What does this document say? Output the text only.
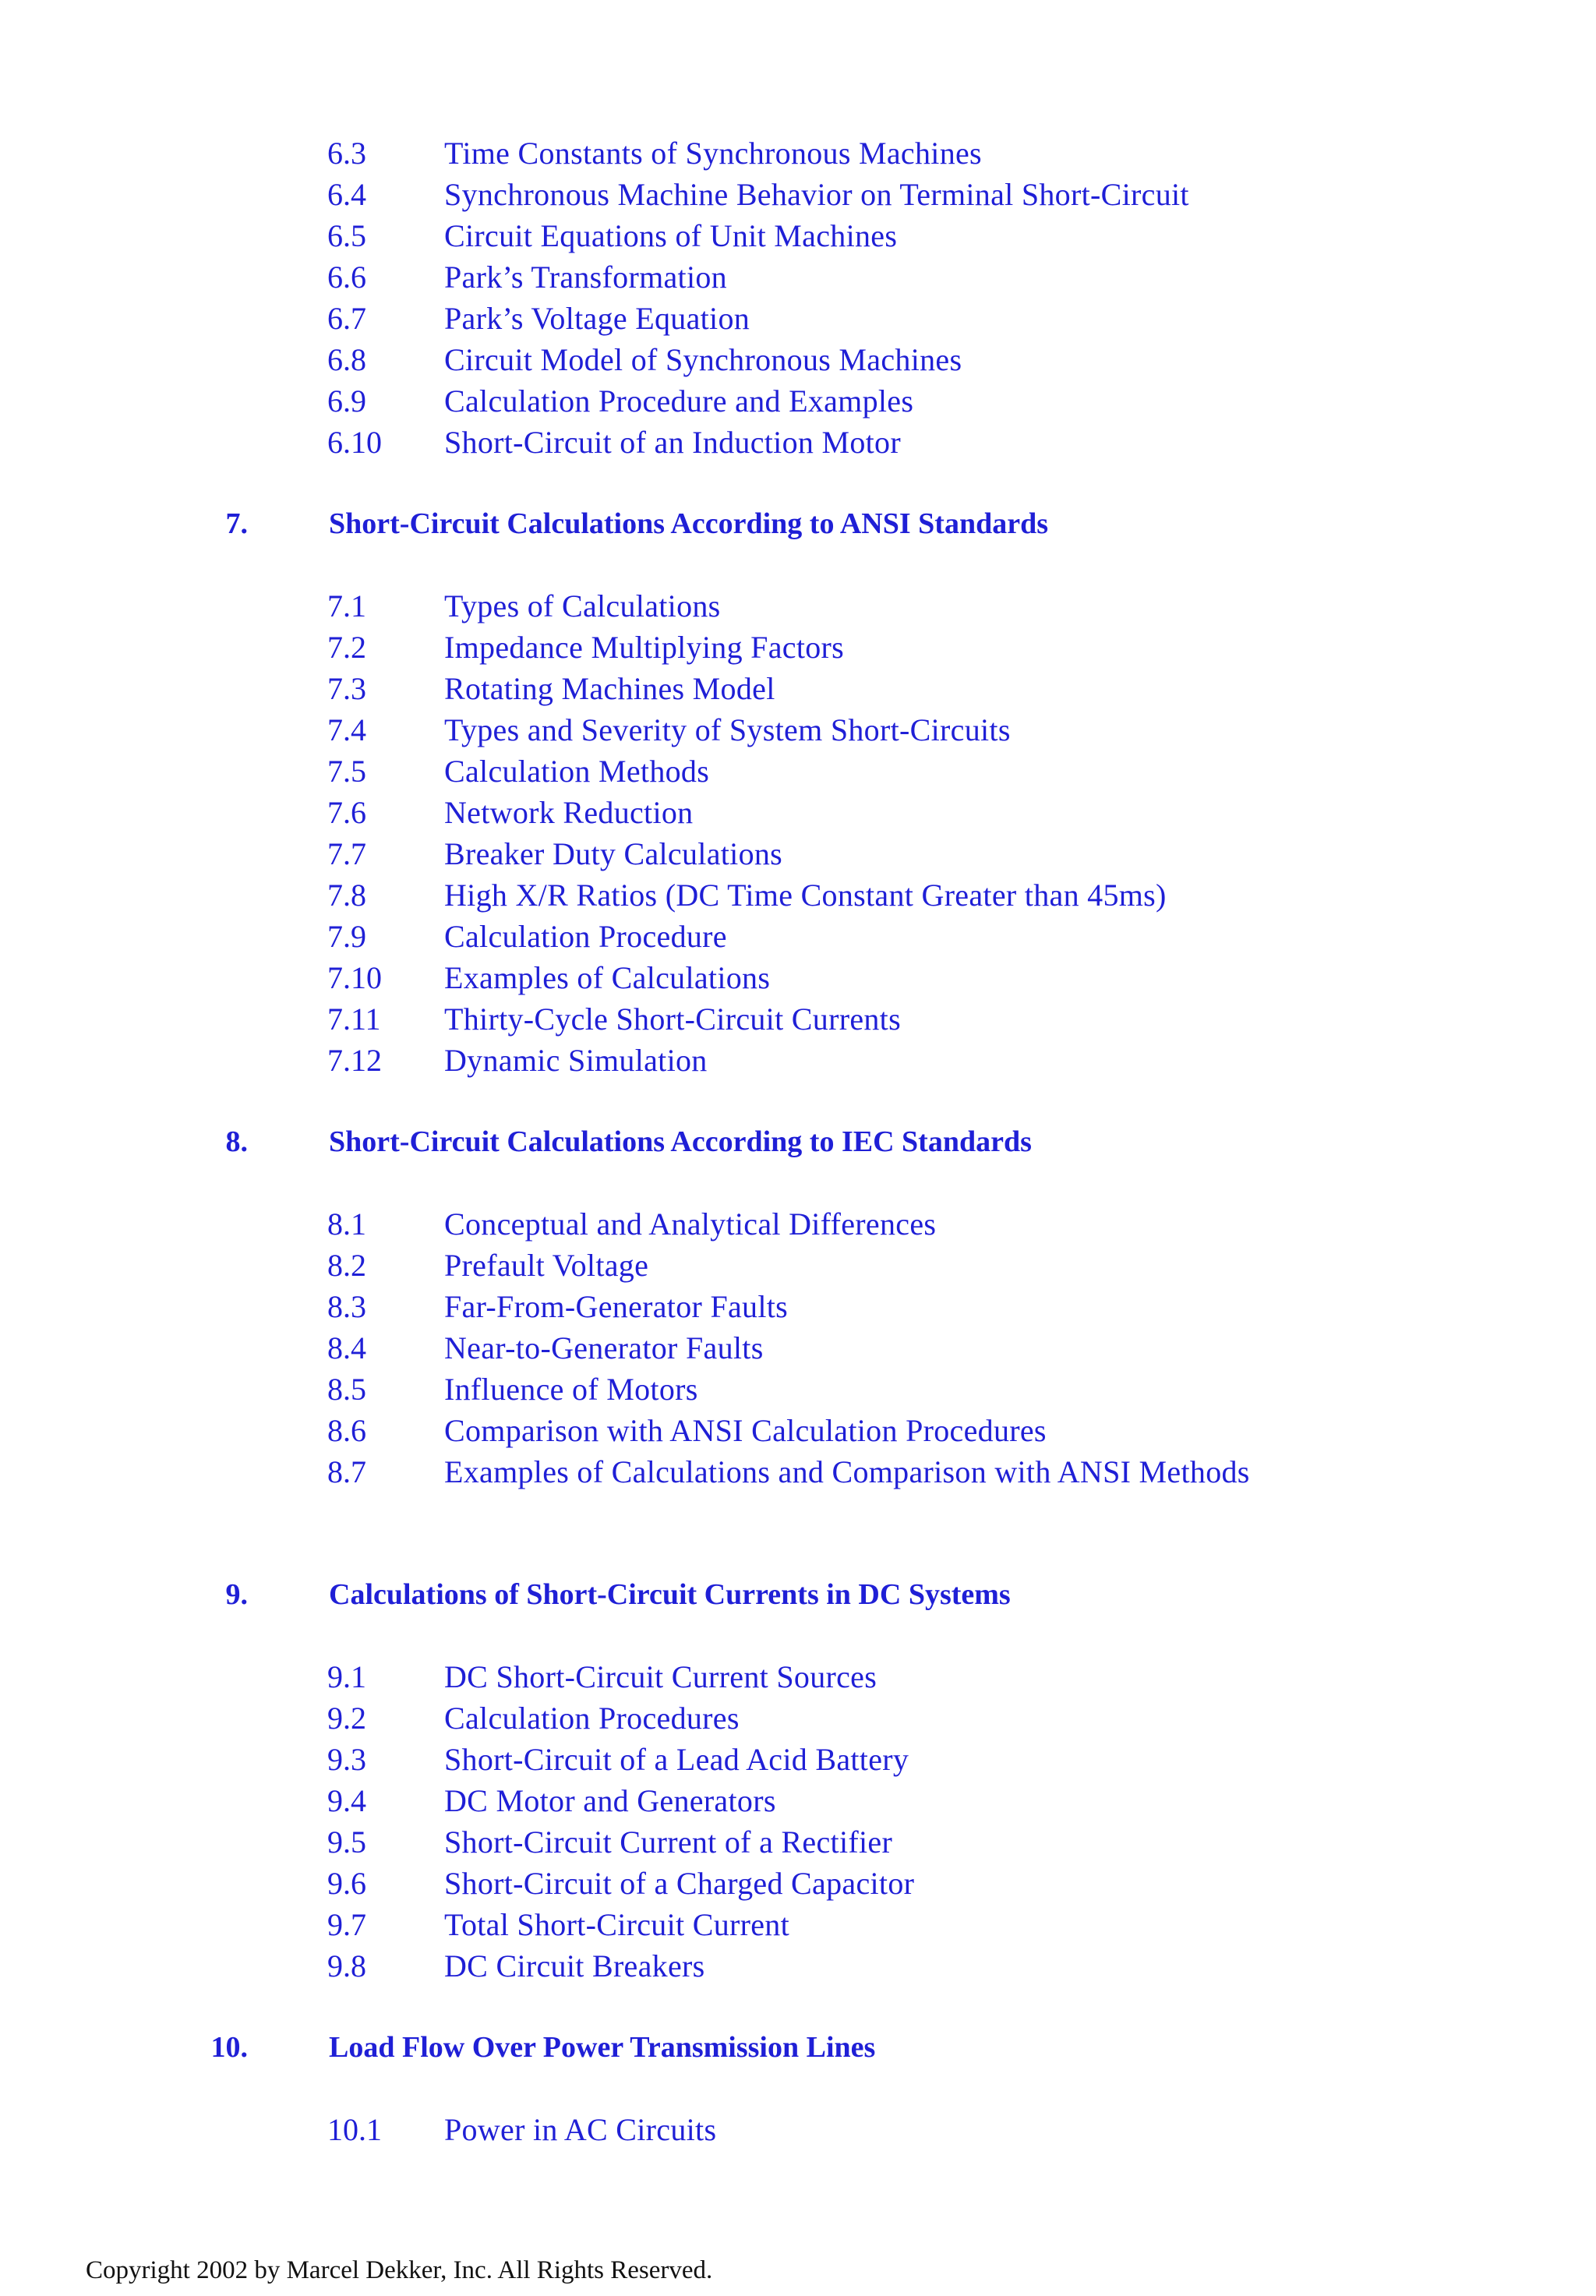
6.3	Time Constants of Synchronous Machines
6.4	Synchronous Machine Behavior on Terminal Short-Circuit
6.5	Circuit Equations of Unit Machines
6.6	Park’s Transformation
6.7	Park’s Voltage Equation
6.8	Circuit Model of Synchronous Machines
6.9	Calculation Procedure and Examples
6.10 Short-Circuit of an Induction Motor
7.	Short-Circuit Calculations According to ANSI Standards
7.1	Types of Calculations
7.2	Impedance Multiplying Factors
7.3	Rotating Machines Model
7.4	Types and Severity of System Short-Circuits
7.5	Calculation Methods
7.6	Network Reduction
7.7	Breaker Duty Calculations
7.8	High X/R Ratios (DC Time Constant Greater than 45ms)
7.9	Calculation Procedure
7.10 Examples of Calculations
7.11 Thirty-Cycle Short-Circuit Currents
7.12 Dynamic Simulation
8.	Short-Circuit Calculations According to IEC Standards
8.1	Conceptual and Analytical Differences
8.2	Prefault Voltage
8.3	Far-From-Generator Faults
8.4	Near-to-Generator Faults
8.5	Influence of Motors
8.6	Comparison with ANSI Calculation Procedures
8.7	Examples of Calculations and Comparison with ANSI Methods
9.	Calculations of Short-Circuit Currents in DC Systems
9.1	DC Short-Circuit Current Sources
9.2	Calculation Procedures
9.3	Short-Circuit of a Lead Acid Battery
9.4	DC Motor and Generators
9.5	Short-Circuit Current of a Rectifier
9.6	Short-Circuit of a Charged Capacitor
9.7	Total Short-Circuit Current
9.8	DC Circuit Breakers
10.	Load Flow Over Power Transmission Lines
10.1 Power in AC Circuits
Copyright 2002 by Marcel Dekker, Inc. All Rights Reserved.
